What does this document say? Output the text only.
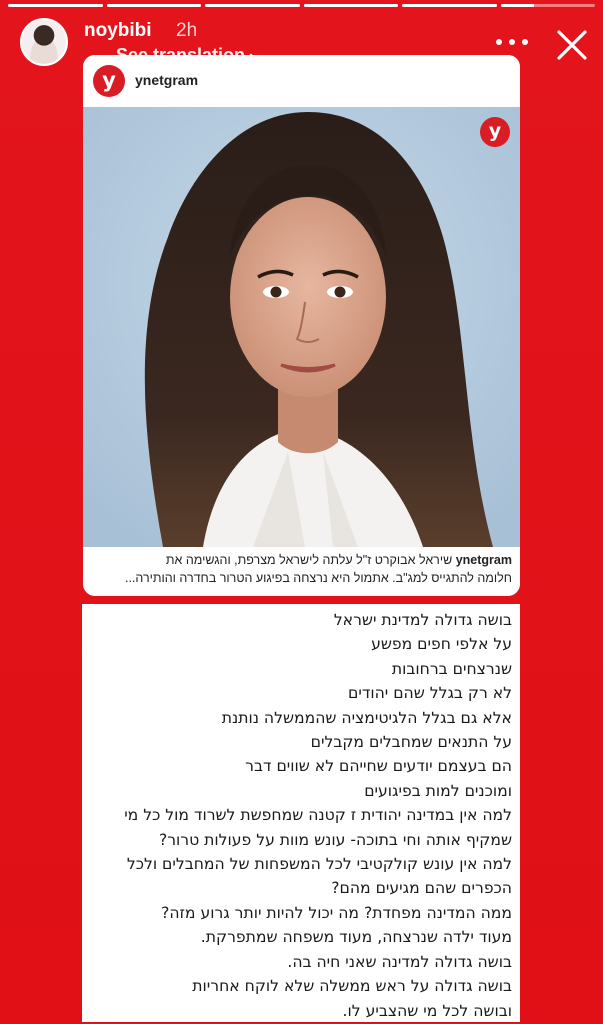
noybibi 2h
y	ynetgram
y
ynetgram שיראל אבוקרט ז"ל עלתה לישראל מצרפת, והגשימה את
חלומה להתגייס למג"ב. אתמול היא נרצחה בפיגוע הטרור בחדרה והותירה...
בושה גדולה למדינת ישראל
על אלפי חפים מפשע
שנרצחים ברחובות
לא רק בגלל שהם יהודים
אלא גם בגלל הלגיטימציה שהממשלה נותנת
על התנאים שמחבלים מקבלים
הם בעצמם יודעים שחייהם לא שווים דבר
ומוכנים למות בפיגועים
למה אין במדינה יהודית ז קטנה שמחפשת לשרוד מול כל מי
שמקיף אותה וחי בתוכה- עונש מוות על פעולות טרור?
למה אין עונש קולקטיבי לכל המשפחות של המחבלים ולכל
הכפרים שהם מגיעים מהם?
ממה המדינה מפחדת? מה יכול להיות יותר גרוע מזה?
מעוד ילדה שנרצחה, מעוד משפחה שמתפרקת.
בושה גדולה למדינה שאני חיה בה.
בושה גדולה על ראש ממשלה שלא לוקח אחריות
ובושה לכל מי שהצביע לו.
